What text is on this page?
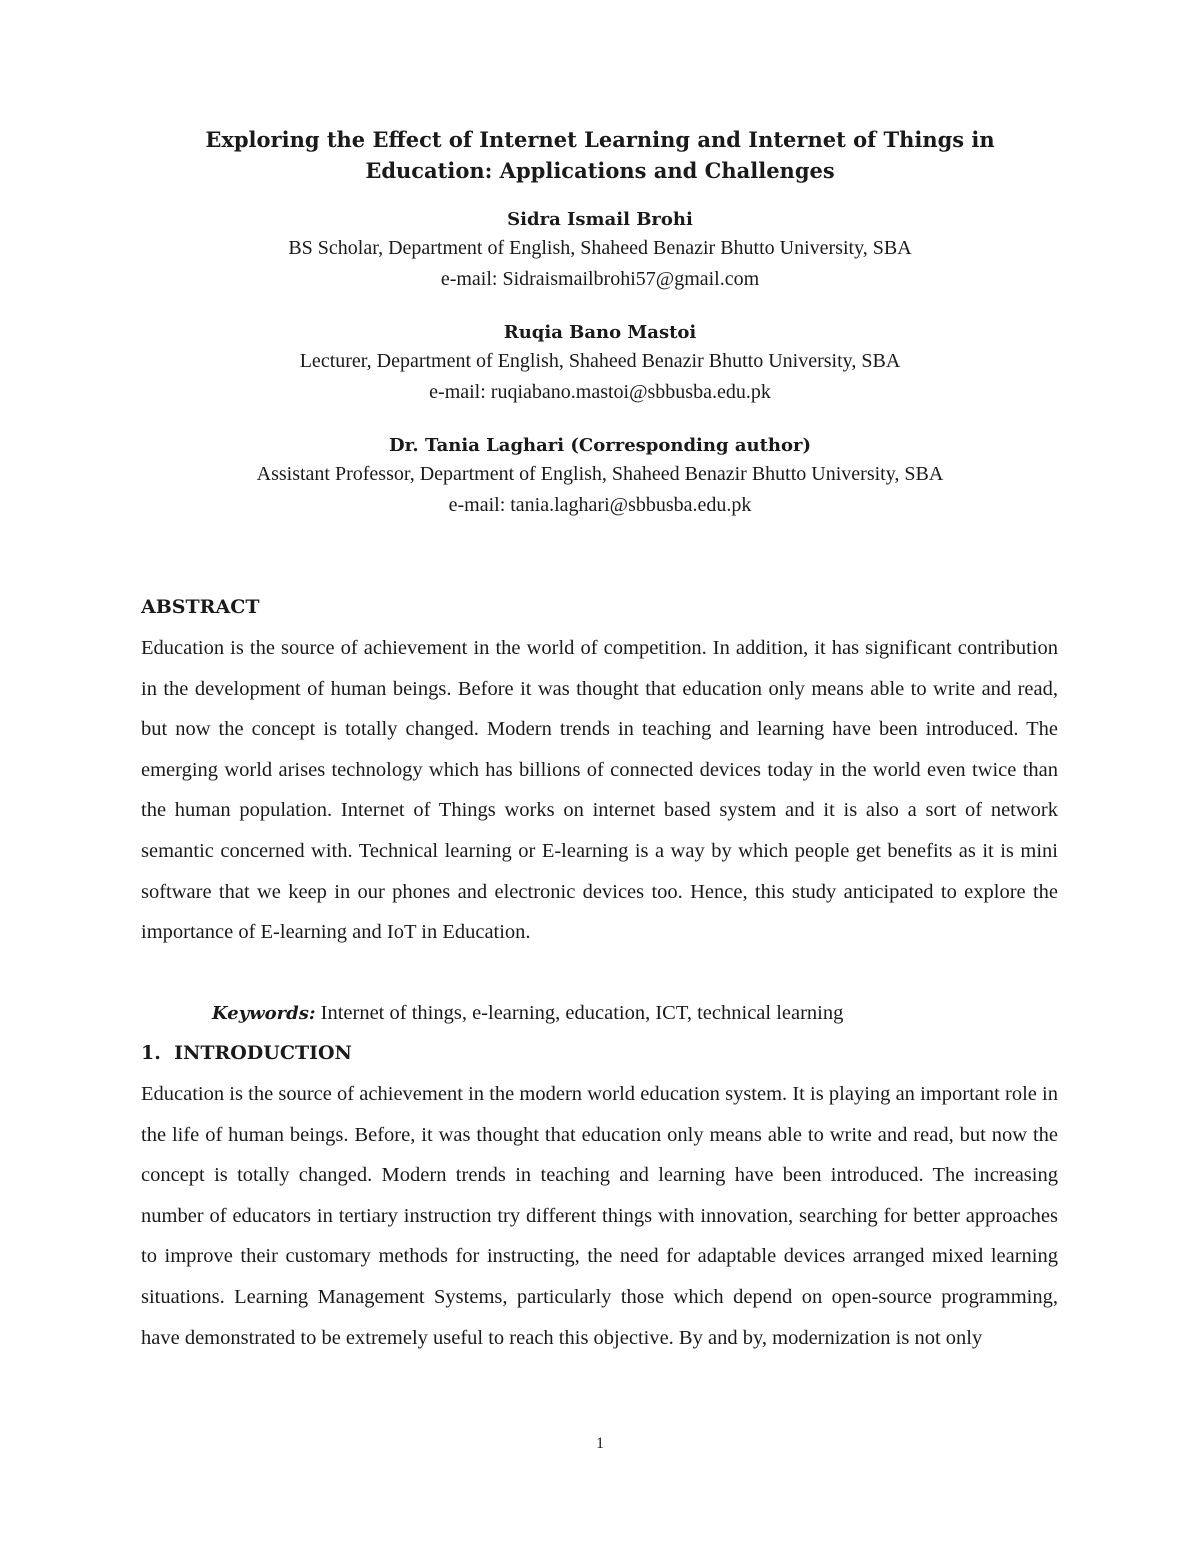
Exploring the Effect of Internet Learning and Internet of Things in
Education: Applications and Challenges
Sidra Ismail Brohi
BS Scholar, Department of English, Shaheed Benazir Bhutto University, SBA
e-mail: Sidraismailbrohi57@gmail.com
Ruqia Bano Mastoi
Lecturer, Department of English, Shaheed Benazir Bhutto University, SBA
e-mail: ruqiabano.mastoi@sbbusba.edu.pk
Dr. Tania Laghari (Corresponding author)
Assistant Professor, Department of English, Shaheed Benazir Bhutto University, SBA
e-mail: tania.laghari@sbbusba.edu.pk
ABSTRACT

Education is the source of achievement in the world of competition. In addition, it has significant contribution in the development of human beings. Before it was thought that education only means able to write and read, but now the concept is totally changed. Modern trends in teaching and learning have been introduced. The emerging world arises technology which has billions of connected devices today in the world even twice than the human population. Internet of Things works on internet based system and it is also a sort of network semantic concerned with. Technical learning or E-learning is a way by which people get benefits as it is mini software that we keep in our phones and electronic devices too. Hence, this study anticipated to explore the importance of E-learning and IoT in Education.

Keywords: Internet of things, e-learning, education, ICT, technical learning

1.  INTRODUCTION

Education is the source of achievement in the modern world education system. It is playing an important role in the life of human beings. Before, it was thought that education only means able to write and read, but now the concept is totally changed. Modern trends in teaching and learning have been introduced. The increasing number of educators in tertiary instruction try different things with innovation, searching for better approaches to improve their customary methods for instructing, the need for adaptable devices arranged mixed learning situations. Learning Management Systems, particularly those which depend on open-source programming, have demonstrated to be extremely useful to reach this objective. By and by, modernization is not only

1
